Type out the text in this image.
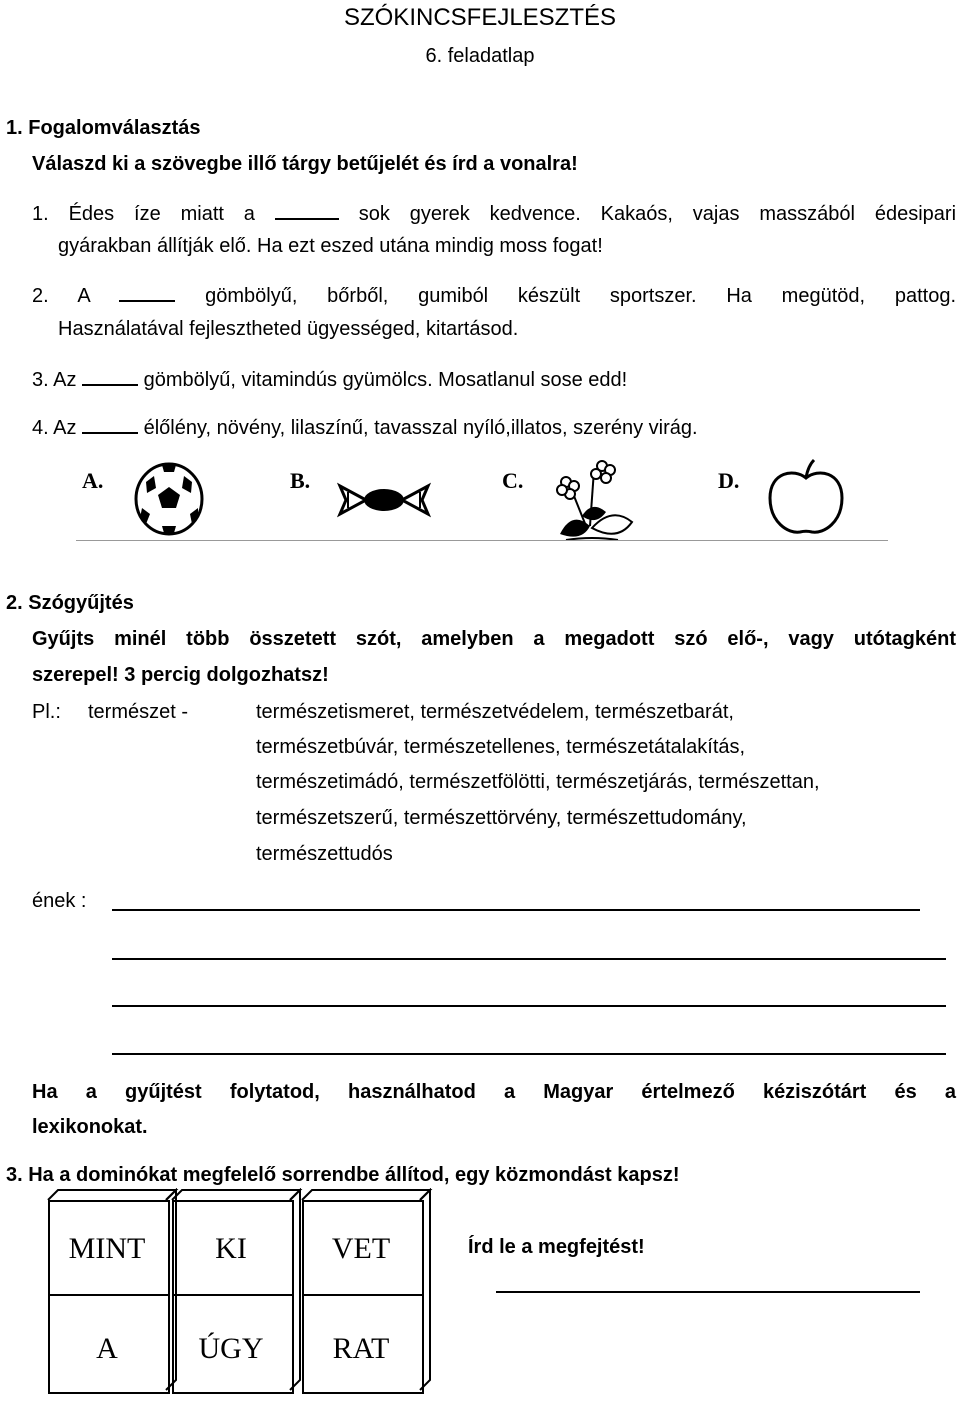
SZÓKINCSFEJLESZTÉS
6. feladatlap
1. Fogalomválasztás
Válaszd ki a szövegbe illő tárgy betűjelét és írd a vonalra!
1. Édes íze miatt a	sok gyerek kedvence. Kakaós, vajas masszából édesipari
gyárakban állítják elő. Ha ezt eszed utána mindig moss fogat!
2. A	gömbölyű, bőrből, gumiból készült sportszer. Ha megütöd, pattog.
Használatával fejlesztheted ügyességed, kitartásod.
3. Az	gömbölyű, vitamindús gyümölcs. Mosatlanul sose edd!
4. Az	élőlény, növény, lilaszínű, tavasszal nyíló,illatos, szerény virág.
A.	B.	C.	D.
2. Szógyűjtés
Gyűjts minél több összetett szót, amelyben a megadott szó elő-, vagy utótagként
szerepel! 3 percig dolgozhatsz!
Pl.: természet -	természetismeret, természetvédelem, természetbarát,
természetbúvár, természetellenes, természetátalakítás,
természetimádó, természetfölötti, természetjárás, természettan,
természetszerű, természettörvény, természettudomány,
természettudós
ének :
Ha a gyűjtést folytatod, használhatod a Magyar értelmező kéziszótárt és a
lexikonokat.
3. Ha a dominókat megfelelő sorrendbe állítod, egy közmondást kapsz!
MINT
A
KI
ÚGY
VET
RAT
Írd le a megfejtést!
